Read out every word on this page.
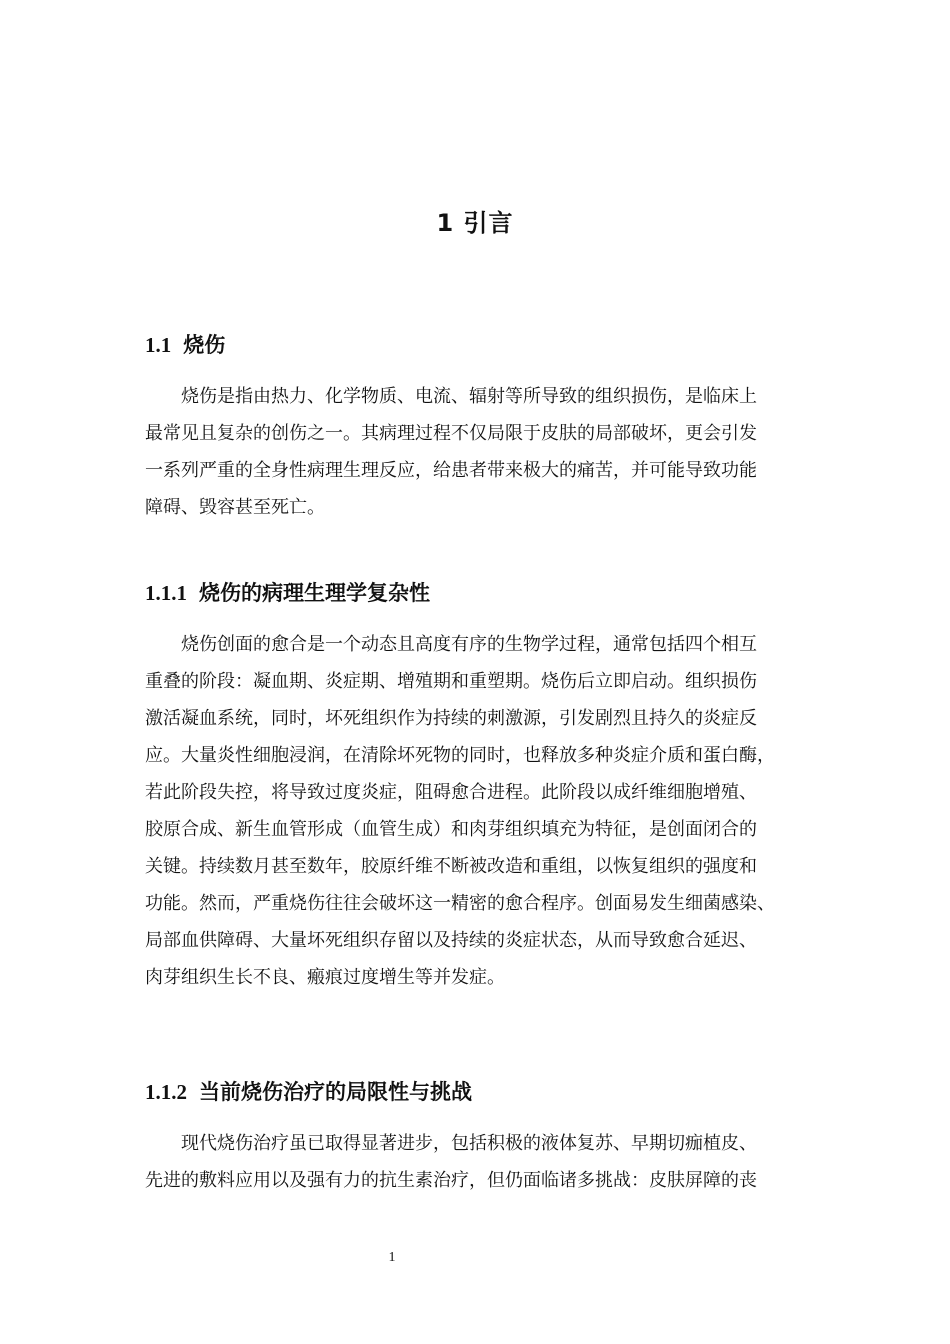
1 引言
1.1 烧伤
　　烧伤是指由热力、化学物质、电流、辐射等所导致的组织损伤，是临床上
最常见且复杂的创伤之一。其病理过程不仅局限于皮肤的局部破坏，更会引发
一系列严重的全身性病理生理反应，给患者带来极大的痛苦，并可能导致功能
障碍、毁容甚至死亡。
1.1.1 烧伤的病理生理学复杂性
　　烧伤创面的愈合是一个动态且高度有序的生物学过程，通常包括四个相互
重叠的阶段：凝血期、炎症期、增殖期和重塑期。烧伤后立即启动。组织损伤
激活凝血系统，同时，坏死组织作为持续的刺激源，引发剧烈且持久的炎症反
应。大量炎性细胞浸润，在清除坏死物的同时，也释放多种炎症介质和蛋白酶，
若此阶段失控，将导致过度炎症，阻碍愈合进程。此阶段以成纤维细胞增殖、
胶原合成、新生血管形成（血管生成）和肉芽组织填充为特征，是创面闭合的
关键。持续数月甚至数年，胶原纤维不断被改造和重组，以恢复组织的强度和
功能。然而，严重烧伤往往会破坏这一精密的愈合程序。创面易发生细菌感染、
局部血供障碍、大量坏死组织存留以及持续的炎症状态，从而导致愈合延迟、
肉芽组织生长不良、瘢痕过度增生等并发症。
1.1.2 当前烧伤治疗的局限性与挑战
　　现代烧伤治疗虽已取得显著进步，包括积极的液体复苏、早期切痂植皮、
先进的敷料应用以及强有力的抗生素治疗，但仍面临诸多挑战：皮肤屏障的丧
1
